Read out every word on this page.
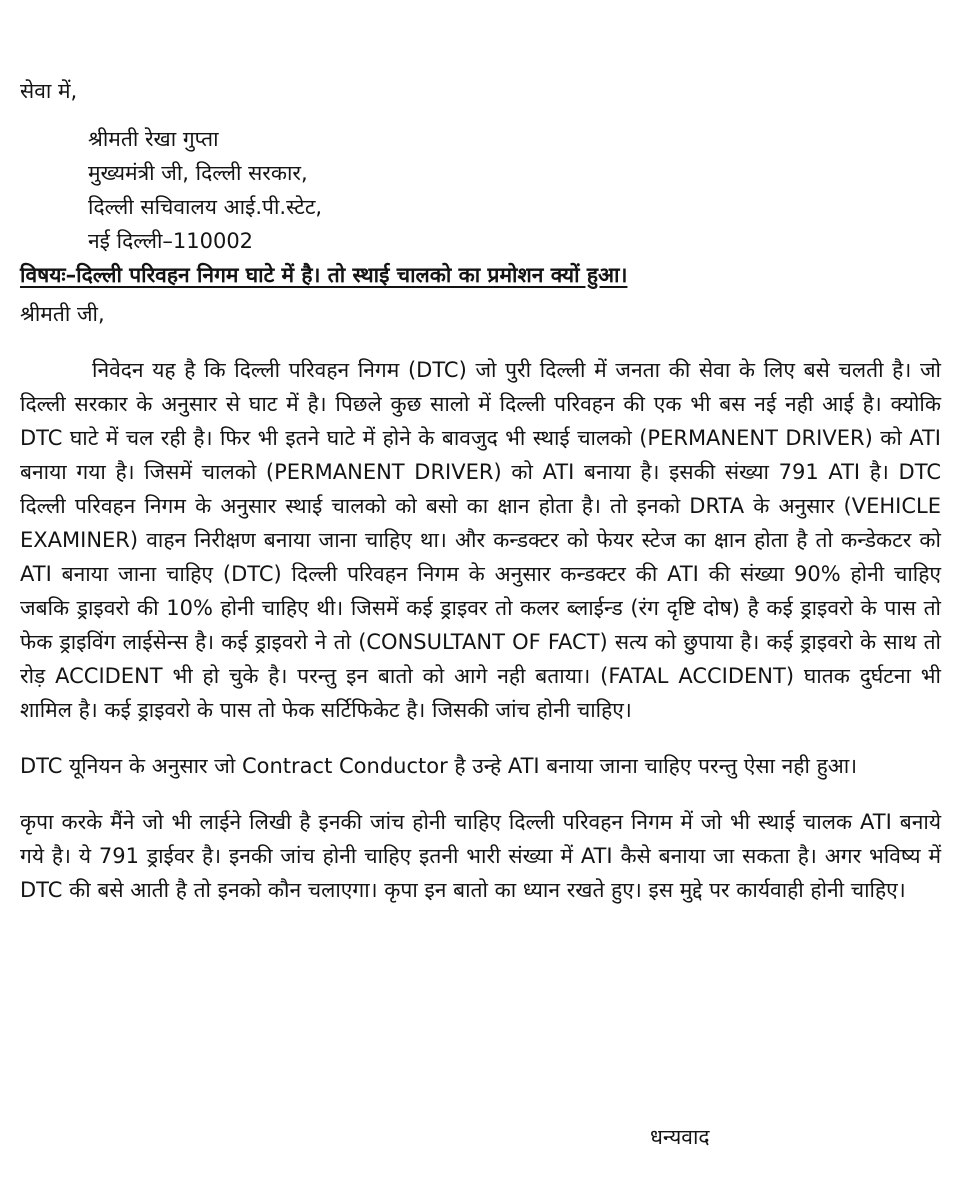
सेवा में,
श्रीमती रेखा गुप्ता
मुख्यमंत्री जी, दिल्ली सरकार,
दिल्ली सचिवालय आई.पी.स्टेट,
नई दिल्ली–110002
विषयः–दिल्ली परिवहन निगम घाटे में है। तो स्थाई चालको का प्रमोशन क्यों हुआ।
श्रीमती जी,
निवेदन यह है कि दिल्ली परिवहन निगम (DTC) जो पुरी दिल्ली में जनता की सेवा के लिए बसे चलती है। जो दिल्ली सरकार के अनुसार से घाट में है। पिछले कुछ सालो में दिल्ली परिवहन की एक भी बस नई नही आई है। क्योकि DTC घाटे में चल रही है। फिर भी इतने घाटे में होने के बावजुद भी स्थाई चालको (PERMANENT DRIVER) को ATI बनाया गया है। जिसमें चालको (PERMANENT DRIVER) को ATI बनाया है। इसकी संख्या 791 ATI है। DTC दिल्ली परिवहन निगम के अनुसार स्थाई चालको को बसो का क्षान होता है। तो इनको DRTA के अनुसार (VEHICLE EXAMINER) वाहन निरीक्षण बनाया जाना चाहिए था। और कन्डक्टर को फेयर स्टेज का क्षान होता है तो कन्डेकटर को ATI बनाया जाना चाहिए (DTC) दिल्ली परिवहन निगम के अनुसार कन्डक्टर की ATI की संख्या 90% होनी चाहिए जबकि ड्राइवरो की 10% होनी चाहिए थी। जिसमें कई ड्राइवर तो कलर ब्लाईन्ड (रंग दृष्टि दोष) है कई ड्राइवरो के पास तो फेक ड्राइविंग लाईसेन्स है। कई ड्राइवरो ने तो (CONSULTANT OF FACT) सत्य को छुपाया है। कई ड्राइवरो के साथ तो रोड़ ACCIDENT भी हो चुके है। परन्तु इन बातो को आगे नही बताया। (FATAL ACCIDENT) घातक दुर्घटना भी शामिल है। कई ड्राइवरो के पास तो फेक सर्टिफिकेट है। जिसकी जांच होनी चाहिए।
DTC यूनियन के अनुसार जो Contract Conductor है उन्हे ATI बनाया जाना चाहिए परन्तु ऐसा नही हुआ।
कृपा करके मैंने जो भी लाईने लिखी है इनकी जांच होनी चाहिए दिल्ली परिवहन निगम में जो भी स्थाई चालक ATI बनाये गये है। ये 791 ड्राईवर है। इनकी जांच होनी चाहिए इतनी भारी संख्या में ATI कैसे बनाया जा सकता है। अगर भविष्य में DTC की बसे आती है तो इनको कौन चलाएगा। कृपा इन बातो का ध्यान रखते हुए। इस मुद्दे पर कार्यवाही होनी चाहिए।
धन्यवाद
